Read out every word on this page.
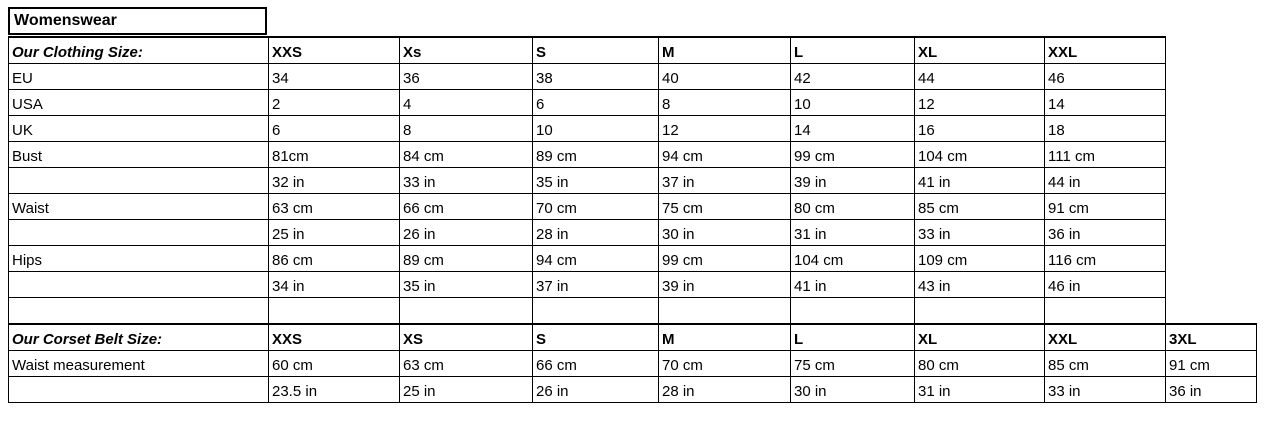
Womenswear
Our Clothing Size:	XXS	Xs	S	M	L	XL	XXL	
EU	34	36	38	40	42	44	46	
USA	2	4	6	8	10	12	14	
UK	6	8	10	12	14	16	18	
Bust	81cm	84 cm	89 cm	94 cm	99 cm	104 cm	111 cm	
	32 in	33 in	35 in	37 in	39 in	41 in	44 in	
Waist	63 cm	66 cm	70 cm	75 cm	80 cm	85 cm	91 cm	
	25 in	26 in	28 in	30 in	31 in	33 in	36 in	
Hips	86 cm	89 cm	94 cm	99 cm	104 cm	109 cm	116 cm	
	34 in	35 in	37 in	39 in	41 in	43 in	46 in	

Our Corset Belt Size:	XXS	XS	S	M	L	XL	XXL	3XL
Waist measurement	60 cm	63 cm	66 cm	70 cm	75 cm	80 cm	85 cm	91 cm
	23.5 in	25 in	26 in	28 in	30 in	31 in	33 in	36 in
